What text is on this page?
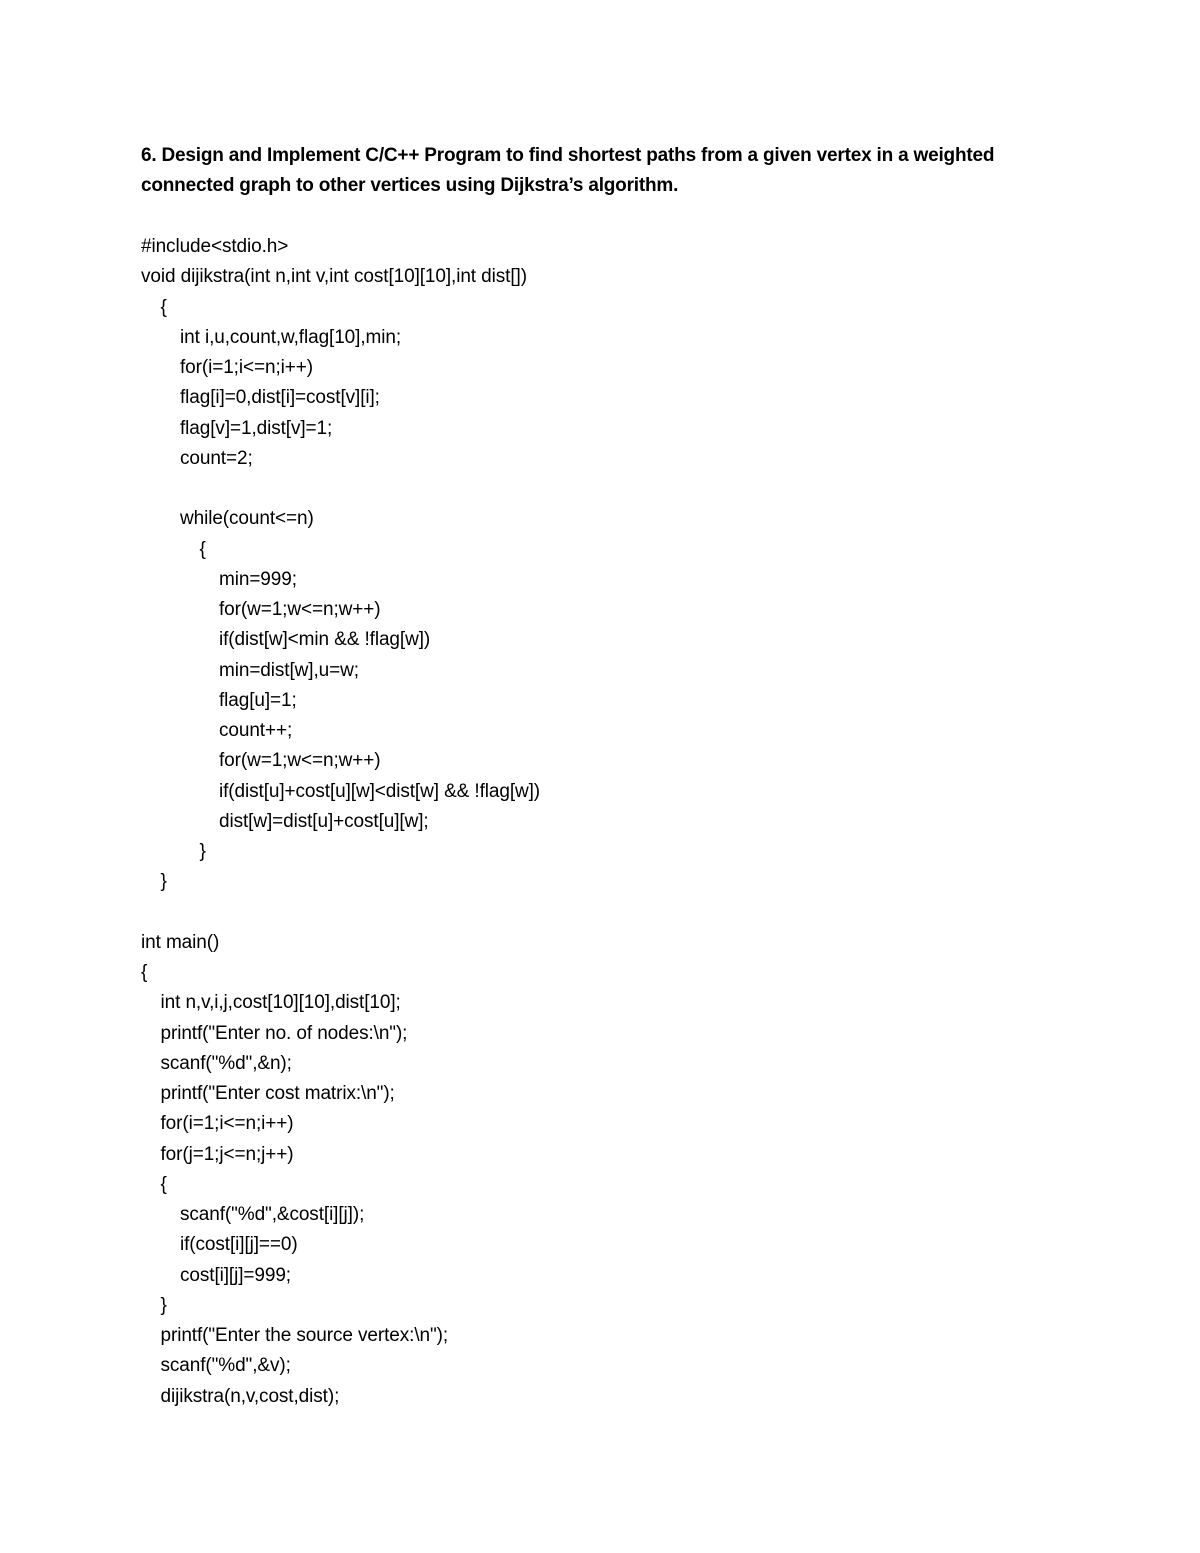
6. Design and Implement C/C++ Program to find shortest paths from a given vertex in a weighted
connected graph to other vertices using Dijkstra’s algorithm.
#include<stdio.h>
void dijikstra(int n,int v,int cost[10][10],int dist[])
{
int i,u,count,w,flag[10],min;
for(i=1;i<=n;i++)
flag[i]=0,dist[i]=cost[v][i];
flag[v]=1,dist[v]=1;
count=2;
while(count<=n)
{
min=999;
for(w=1;w<=n;w++)
if(dist[w]<min && !flag[w])
min=dist[w],u=w;
flag[u]=1;
count++;
for(w=1;w<=n;w++)
if(dist[u]+cost[u][w]<dist[w] && !flag[w])
dist[w]=dist[u]+cost[u][w];
}
}
int main()
{
int n,v,i,j,cost[10][10],dist[10];
printf("Enter no. of nodes:\n");
scanf("%d",&n);
printf("Enter cost matrix:\n");
for(i=1;i<=n;i++)
for(j=1;j<=n;j++)
{
scanf("%d",&cost[i][j]);
if(cost[i][j]==0)
cost[i][j]=999;
}
printf("Enter the source vertex:\n");
scanf("%d",&v);
dijikstra(n,v,cost,dist);
